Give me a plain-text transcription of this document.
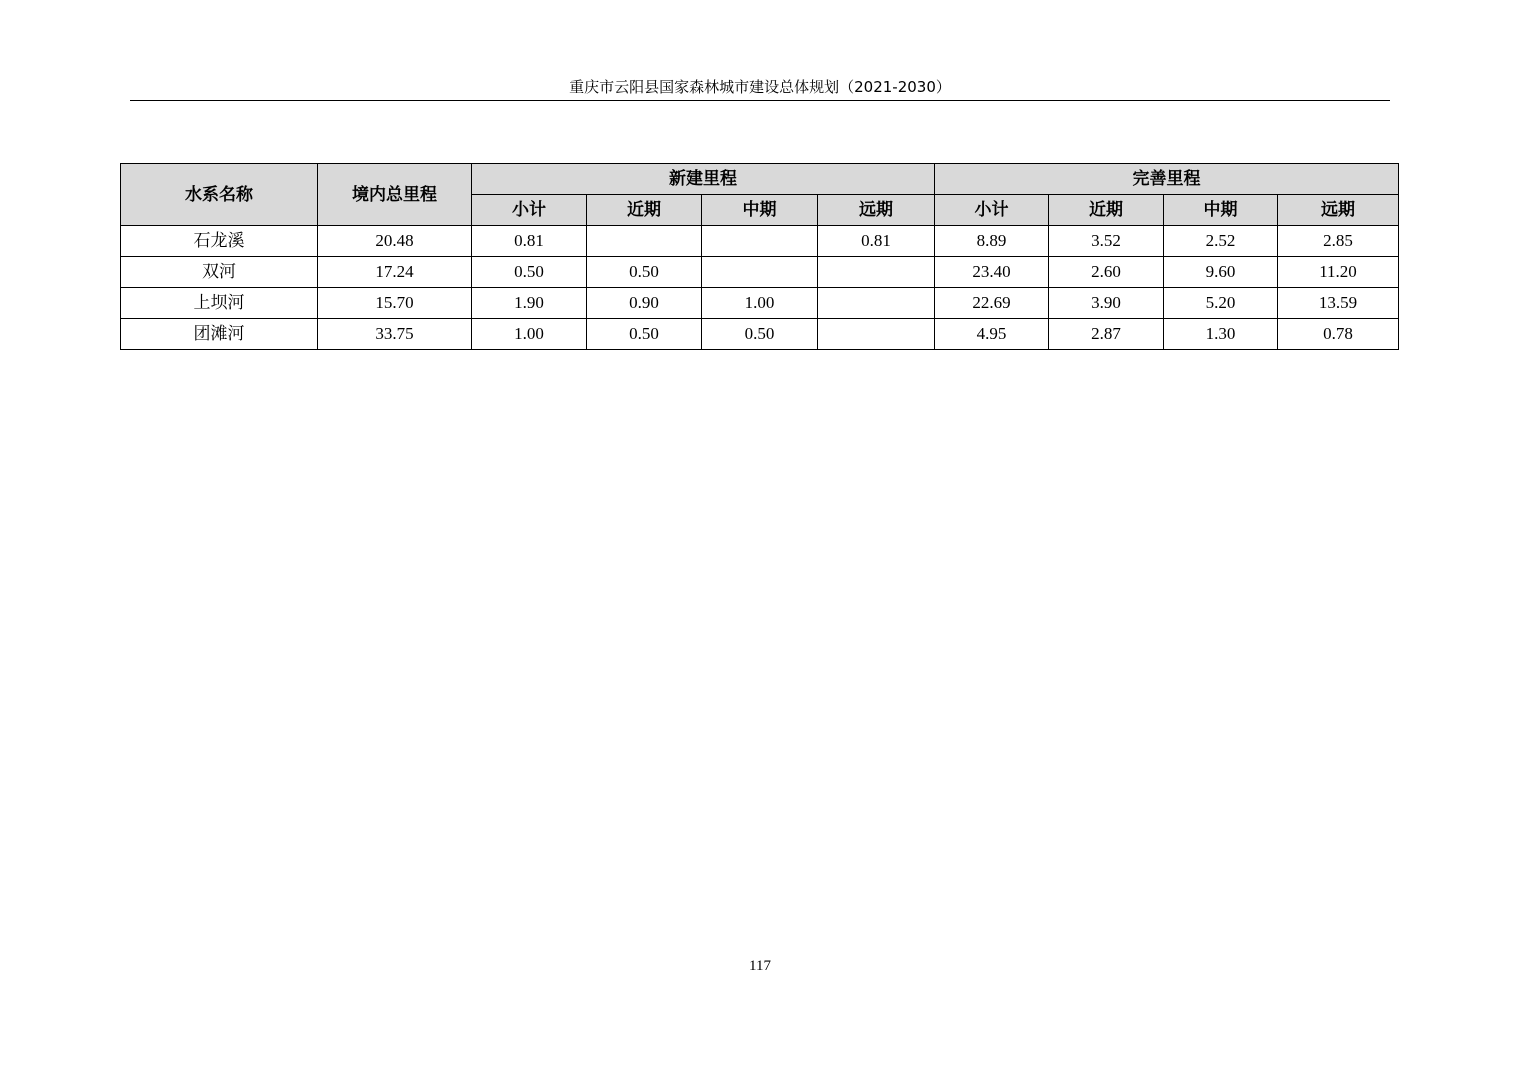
重庆市云阳县国家森林城市建设总体规划（2021-2030）
水系名称	境内总里程	新建里程				完善里程			
		小计	近期	中期	远期	小计	近期	中期	远期
石龙溪	20.48	0.81			0.81	8.89	3.52	2.52	2.85
双河	17.24	0.50	0.50			23.40	2.60	9.60	11.20
上坝河	15.70	1.90	0.90	1.00		22.69	3.90	5.20	13.59
团滩河	33.75	1.00	0.50	0.50		4.95	2.87	1.30	0.78
117
